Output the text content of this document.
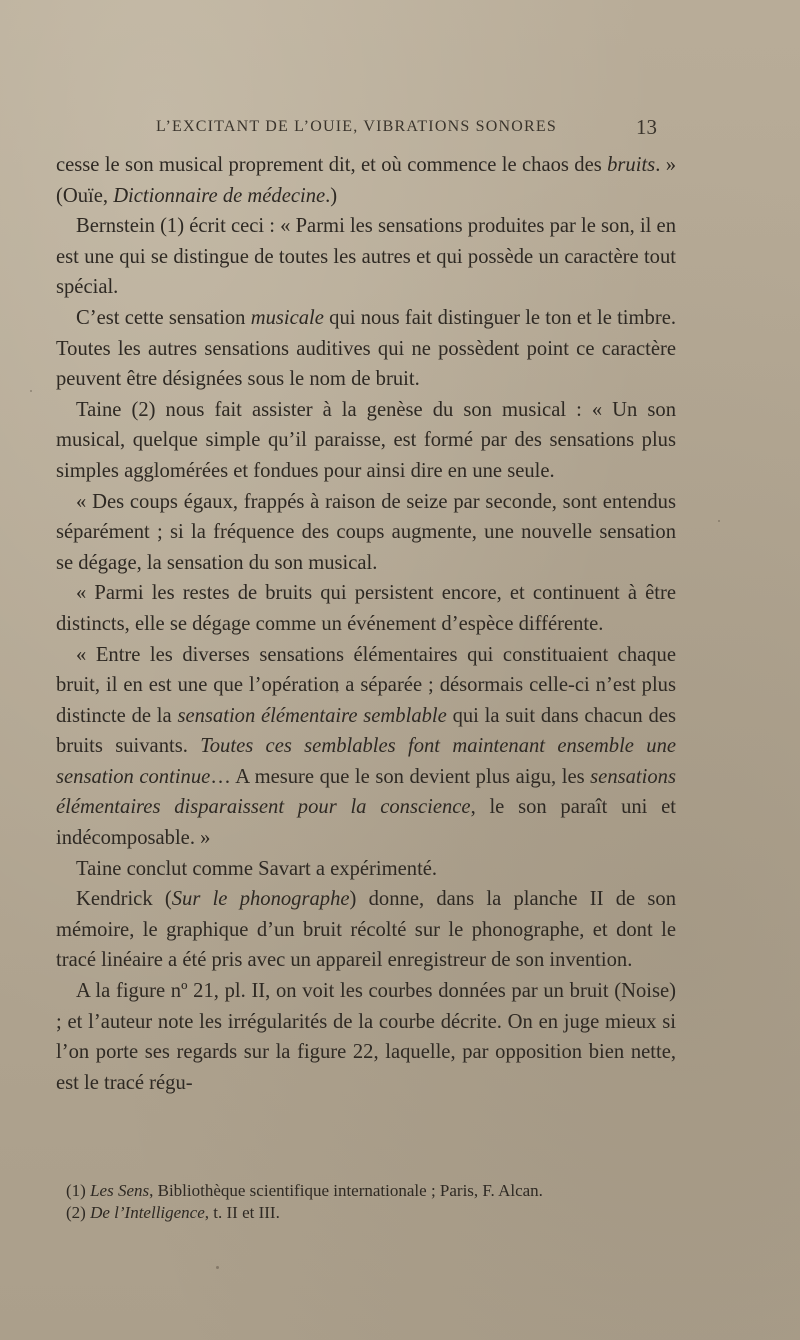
L’EXCITANT DE L’OUIE, VIBRATIONS SONORES	13

cesse le son musical proprement dit, et où commence le chaos des bruits. » (Ouïe, Dictionnaire de médecine.)

Bernstein (1) écrit ceci : « Parmi les sensations produites par le son, il en est une qui se distingue de toutes les autres et qui possède un caractère tout spécial.

C’est cette sensation musicale qui nous fait distinguer le ton et le timbre. Toutes les autres sensations auditives qui ne possèdent point ce caractère peuvent être désignées sous le nom de bruit.

Taine (2) nous fait assister à la genèse du son musical : « Un son musical, quelque simple qu’il paraisse, est formé par des sensations plus simples agglomérées et fondues pour ainsi dire en une seule.

« Des coups égaux, frappés à raison de seize par seconde, sont entendus séparément ; si la fréquence des coups augmente, une nouvelle sensation se dégage, la sensation du son musical.

« Parmi les restes de bruits qui persistent encore, et continuent à être distincts, elle se dégage comme un événement d’espèce différente.

« Entre les diverses sensations élémentaires qui constituaient chaque bruit, il en est une que l’opération a séparée ; désormais celle-ci n’est plus distincte de la sensation élémentaire semblable qui la suit dans chacun des bruits suivants. Toutes ces semblables font maintenant ensemble une sensation continue… A mesure que le son devient plus aigu, les sensations élémentaires disparaissent pour la conscience, le son paraît uni et indécomposable. »

Taine conclut comme Savart a expérimenté.

Kendrick (Sur le phonographe) donne, dans la planche II de son mémoire, le graphique d’un bruit récolté sur le phonographe, et dont le tracé linéaire a été pris avec un appareil enregistreur de son invention.

A la figure nº 21, pl. II, on voit les courbes données par un bruit (Noise) ; et l’auteur note les irrégularités de la courbe décrite. On en juge mieux si l’on porte ses regards sur la figure 22, laquelle, par opposition bien nette, est le tracé régu-

(1) Les Sens, Bibliothèque scientifique internationale ; Paris, F. Alcan.
(2) De l’Intelligence, t. II et III.
